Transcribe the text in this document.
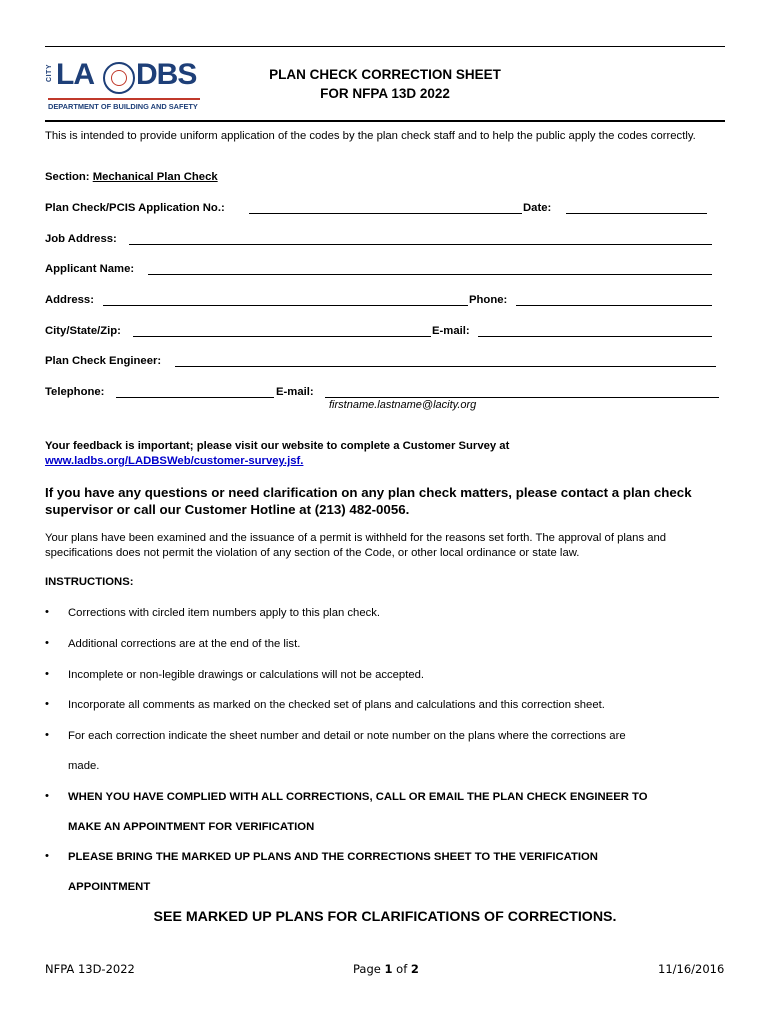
CITY LA DBS
DEPARTMENT OF BUILDING AND SAFETY
PLAN CHECK CORRECTION SHEET
FOR NFPA 13D 2022
This is intended to provide uniform application of the codes by the plan check staff and to help the public apply the codes correctly.
Section: Mechanical Plan Check
Plan Check/PCIS Application No.:	Date:
Job Address:
Applicant Name:
Address:	Phone:
City/State/Zip:	E-mail:
Plan Check Engineer:
Telephone:	E-mail:
firstname.lastname@lacity.org
Your feedback is important; please visit our website to complete a Customer Survey at
www.ladbs.org/LADBSWeb/customer-survey.jsf.
If you have any questions or need clarification on any plan check matters, please contact a plan check supervisor or call our Customer Hotline at (213) 482-0056.
Your plans have been examined and the issuance of a permit is withheld for the reasons set forth. The approval of plans and specifications does not permit the violation of any section of the Code, or other local ordinance or state law.
INSTRUCTIONS:
• Corrections with circled item numbers apply to this plan check.
• Additional corrections are at the end of the list.
• Incomplete or non-legible drawings or calculations will not be accepted.
• Incorporate all comments as marked on the checked set of plans and calculations and this correction sheet.
• For each correction indicate the sheet number and detail or note number on the plans where the corrections are
made.
• WHEN YOU HAVE COMPLIED WITH ALL CORRECTIONS, CALL OR EMAIL THE PLAN CHECK ENGINEER TO
MAKE AN APPOINTMENT FOR VERIFICATION
• PLEASE BRING THE MARKED UP PLANS AND THE CORRECTIONS SHEET TO THE VERIFICATION
APPOINTMENT
SEE MARKED UP PLANS FOR CLARIFICATIONS OF CORRECTIONS.
NFPA 13D-2022	Page 1 of 2	11/16/2016
